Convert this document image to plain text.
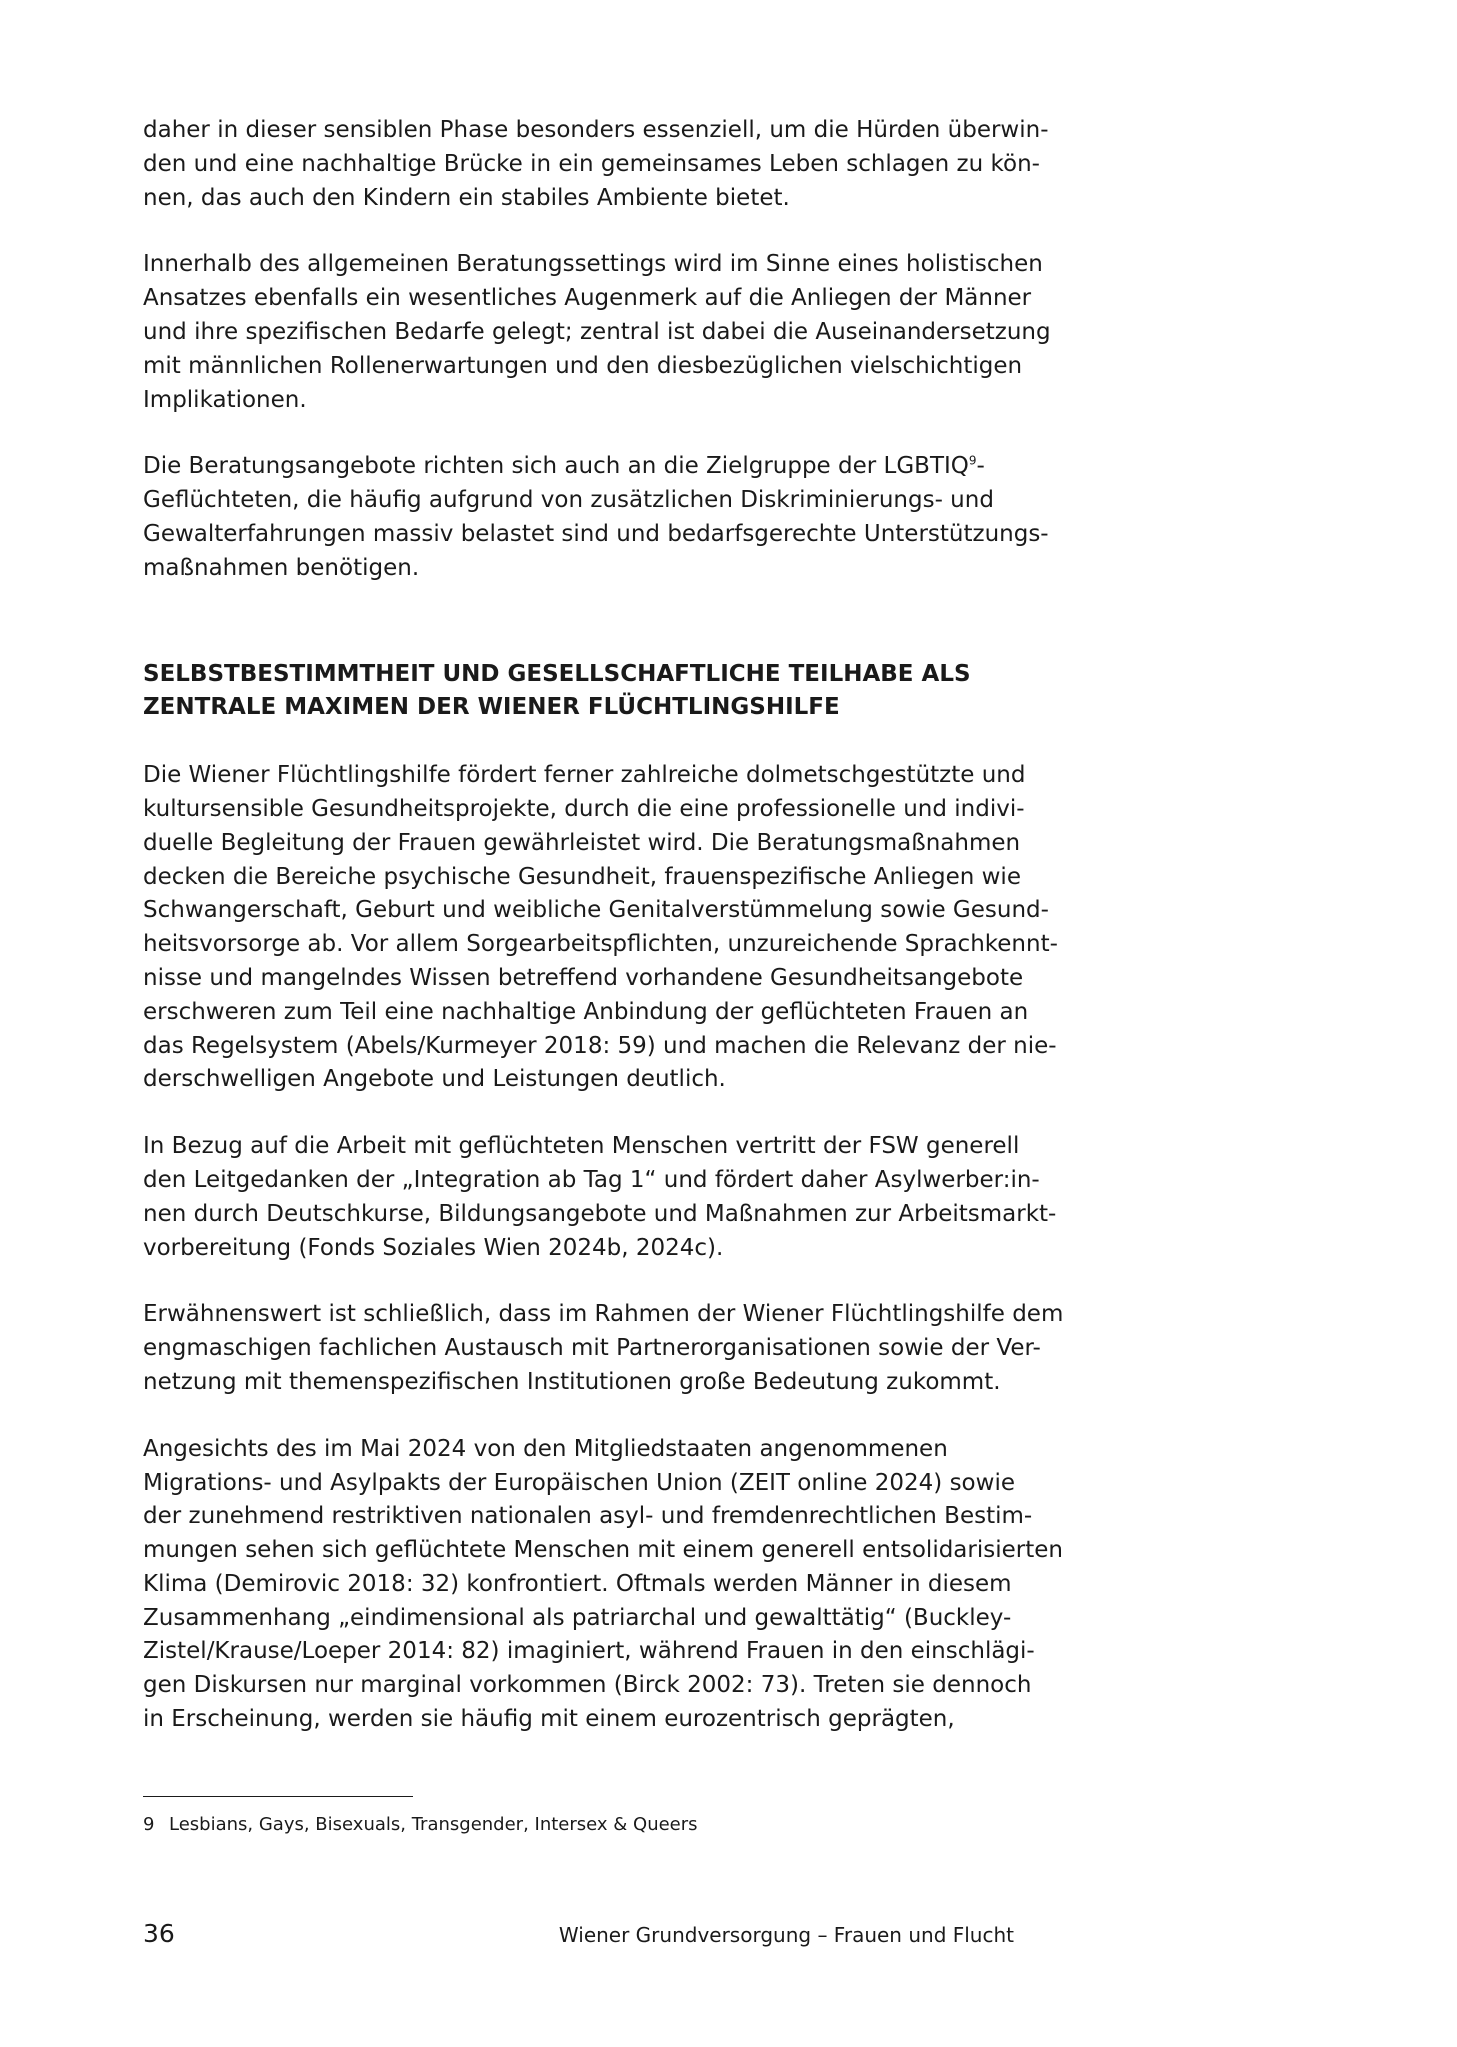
daher in dieser sensiblen Phase besonders essenziell, um die Hürden überwin-
den und eine nachhaltige Brücke in ein gemeinsames Leben schlagen zu kön-
nen, das auch den Kindern ein stabiles Ambiente bietet.

Innerhalb des allgemeinen Beratungssettings wird im Sinne eines holistischen
Ansatzes ebenfalls ein wesentliches Augenmerk auf die Anliegen der Männer
und ihre spezifischen Bedarfe gelegt; zentral ist dabei die Auseinandersetzung
mit männlichen Rollenerwartungen und den diesbezüglichen vielschichtigen
Implikationen.

Die Beratungsangebote richten sich auch an die Zielgruppe der LGBTIQ$^9$-
Geflüchteten, die häufig aufgrund von zusätzlichen Diskriminierungs- und
Gewalterfahrungen massiv belastet sind und bedarfsgerechte Unterstützungs-
maßnahmen benötigen.

SELBSTBESTIMMTHEIT UND GESELLSCHAFTLICHE TEILHABE ALS
ZENTRALE MAXIMEN DER WIENER FLÜCHTLINGSHILFE

Die Wiener Flüchtlingshilfe fördert ferner zahlreiche dolmetschgestützte und
kultursensible Gesundheitsprojekte, durch die eine professionelle und indivi-
duelle Begleitung der Frauen gewährleistet wird. Die Beratungsmaßnahmen
decken die Bereiche psychische Gesundheit, frauenspezifische Anliegen wie
Schwangerschaft, Geburt und weibliche Genitalverstümmelung sowie Gesund-
heitsvorsorge ab. Vor allem Sorgearbeitspflichten, unzureichende Sprachkennt-
nisse und mangelndes Wissen betreffend vorhandene Gesundheitsangebote
erschweren zum Teil eine nachhaltige Anbindung der geflüchteten Frauen an
das Regelsystem (Abels/Kurmeyer 2018: 59) und machen die Relevanz der nie-
derschwelligen Angebote und Leistungen deutlich.

In Bezug auf die Arbeit mit geflüchteten Menschen vertritt der FSW generell
den Leitgedanken der „Integration ab Tag 1“ und fördert daher Asylwerber:in-
nen durch Deutschkurse, Bildungsangebote und Maßnahmen zur Arbeitsmarkt-
vorbereitung (Fonds Soziales Wien 2024b, 2024c).

Erwähnenswert ist schließlich, dass im Rahmen der Wiener Flüchtlingshilfe dem
engmaschigen fachlichen Austausch mit Partnerorganisationen sowie der Ver-
netzung mit themenspezifischen Institutionen große Bedeutung zukommt.

Angesichts des im Mai 2024 von den Mitgliedstaaten angenommenen
Migrations- und Asylpakts der Europäischen Union (ZEIT online 2024) sowie
der zunehmend restriktiven nationalen asyl- und fremdenrechtlichen Bestim-
mungen sehen sich geflüchtete Menschen mit einem generell entsolidarisierten
Klima (Demirovic 2018: 32) konfrontiert. Oftmals werden Männer in diesem
Zusammenhang „eindimensional als patriarchal und gewalttätig“ (Buckley-
Zistel/Krause/Loeper 2014: 82) imaginiert, während Frauen in den einschlägi-
gen Diskursen nur marginal vorkommen (Birck 2002: 73). Treten sie dennoch
in Erscheinung, werden sie häufig mit einem eurozentrisch geprägten,

9 Lesbians, Gays, Bisexuals, Transgender, Intersex & Queers
36	Wiener Grundversorgung – Frauen und Flucht
